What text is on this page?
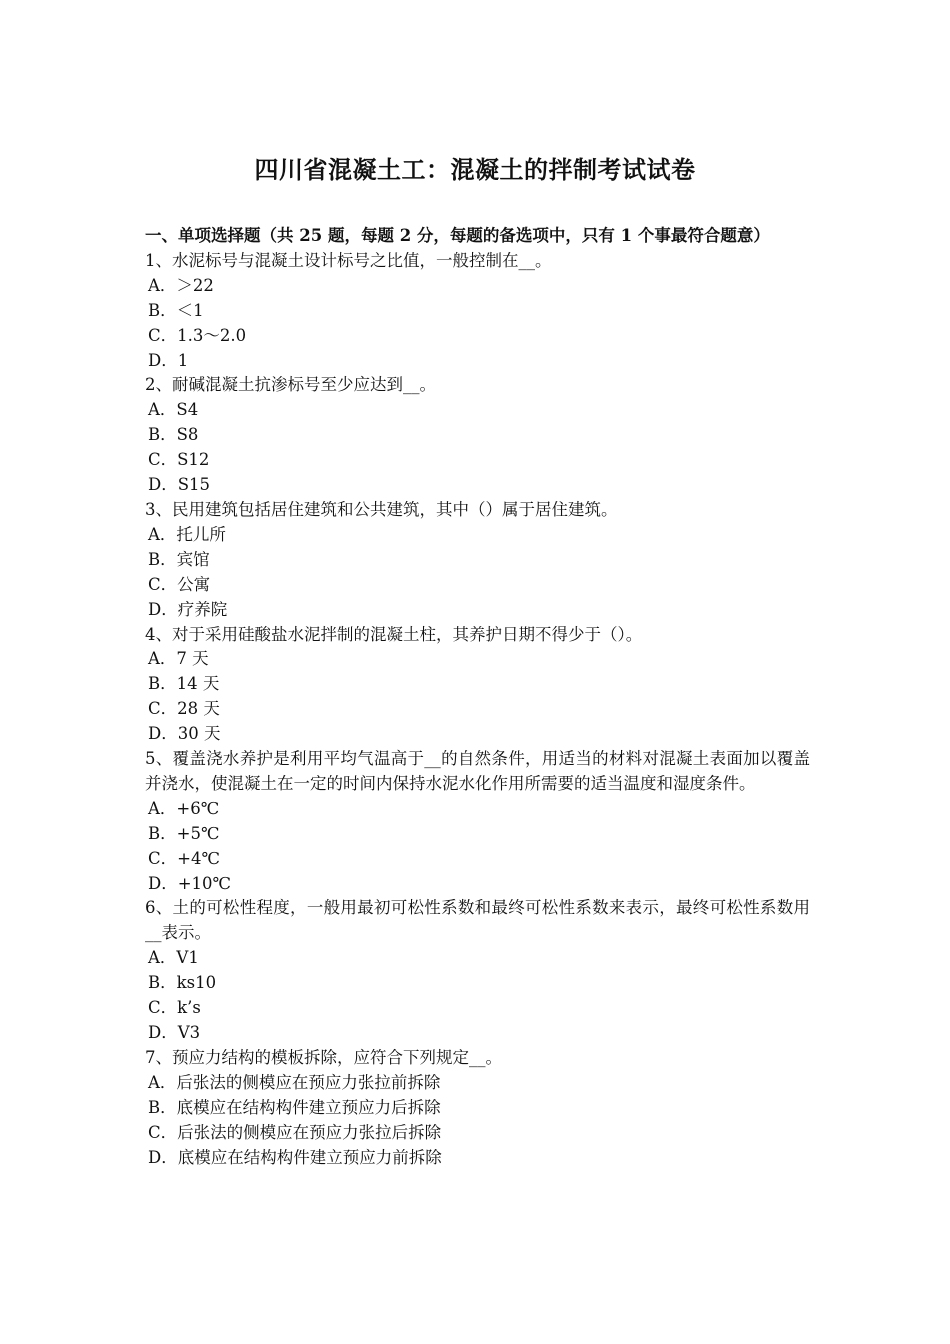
四川省混凝土工：混凝土的拌制考试试卷
一、单项选择题（共 25 题，每题 2 分，每题的备选项中，只有 1 个事最符合题意）
1、水泥标号与混凝土设计标号之比值，一般控制在__。
A．＞22
B．＜1
C．1.3～2.0
D．1
2、耐碱混凝土抗渗标号至少应达到__。
A．S4
B．S8
C．S12
D．S15
3、民用建筑包括居住建筑和公共建筑，其中（）属于居住建筑。
A．托儿所
B．宾馆
C．公寓
D．疗养院
4、对于采用硅酸盐水泥拌制的混凝土柱，其养护日期不得少于（）。
A．7 天
B．14 天
C．28 天
D．30 天
5、覆盖浇水养护是利用平均气温高于__的自然条件，用适当的材料对混凝土表面加以覆盖并浇水，使混凝土在一定的时间内保持水泥水化作用所需要的适当温度和湿度条件。
A．+6℃
B．+5℃
C．+4℃
D．+10℃
6、土的可松性程度，一般用最初可松性系数和最终可松性系数来表示，最终可松性系数用__表示。
A．V1
B．ks10
C．k’s
D．V3
7、预应力结构的模板拆除，应符合下列规定__。
A．后张法的侧模应在预应力张拉前拆除
B．底模应在结构构件建立预应力后拆除
C．后张法的侧模应在预应力张拉后拆除
D．底模应在结构构件建立预应力前拆除
